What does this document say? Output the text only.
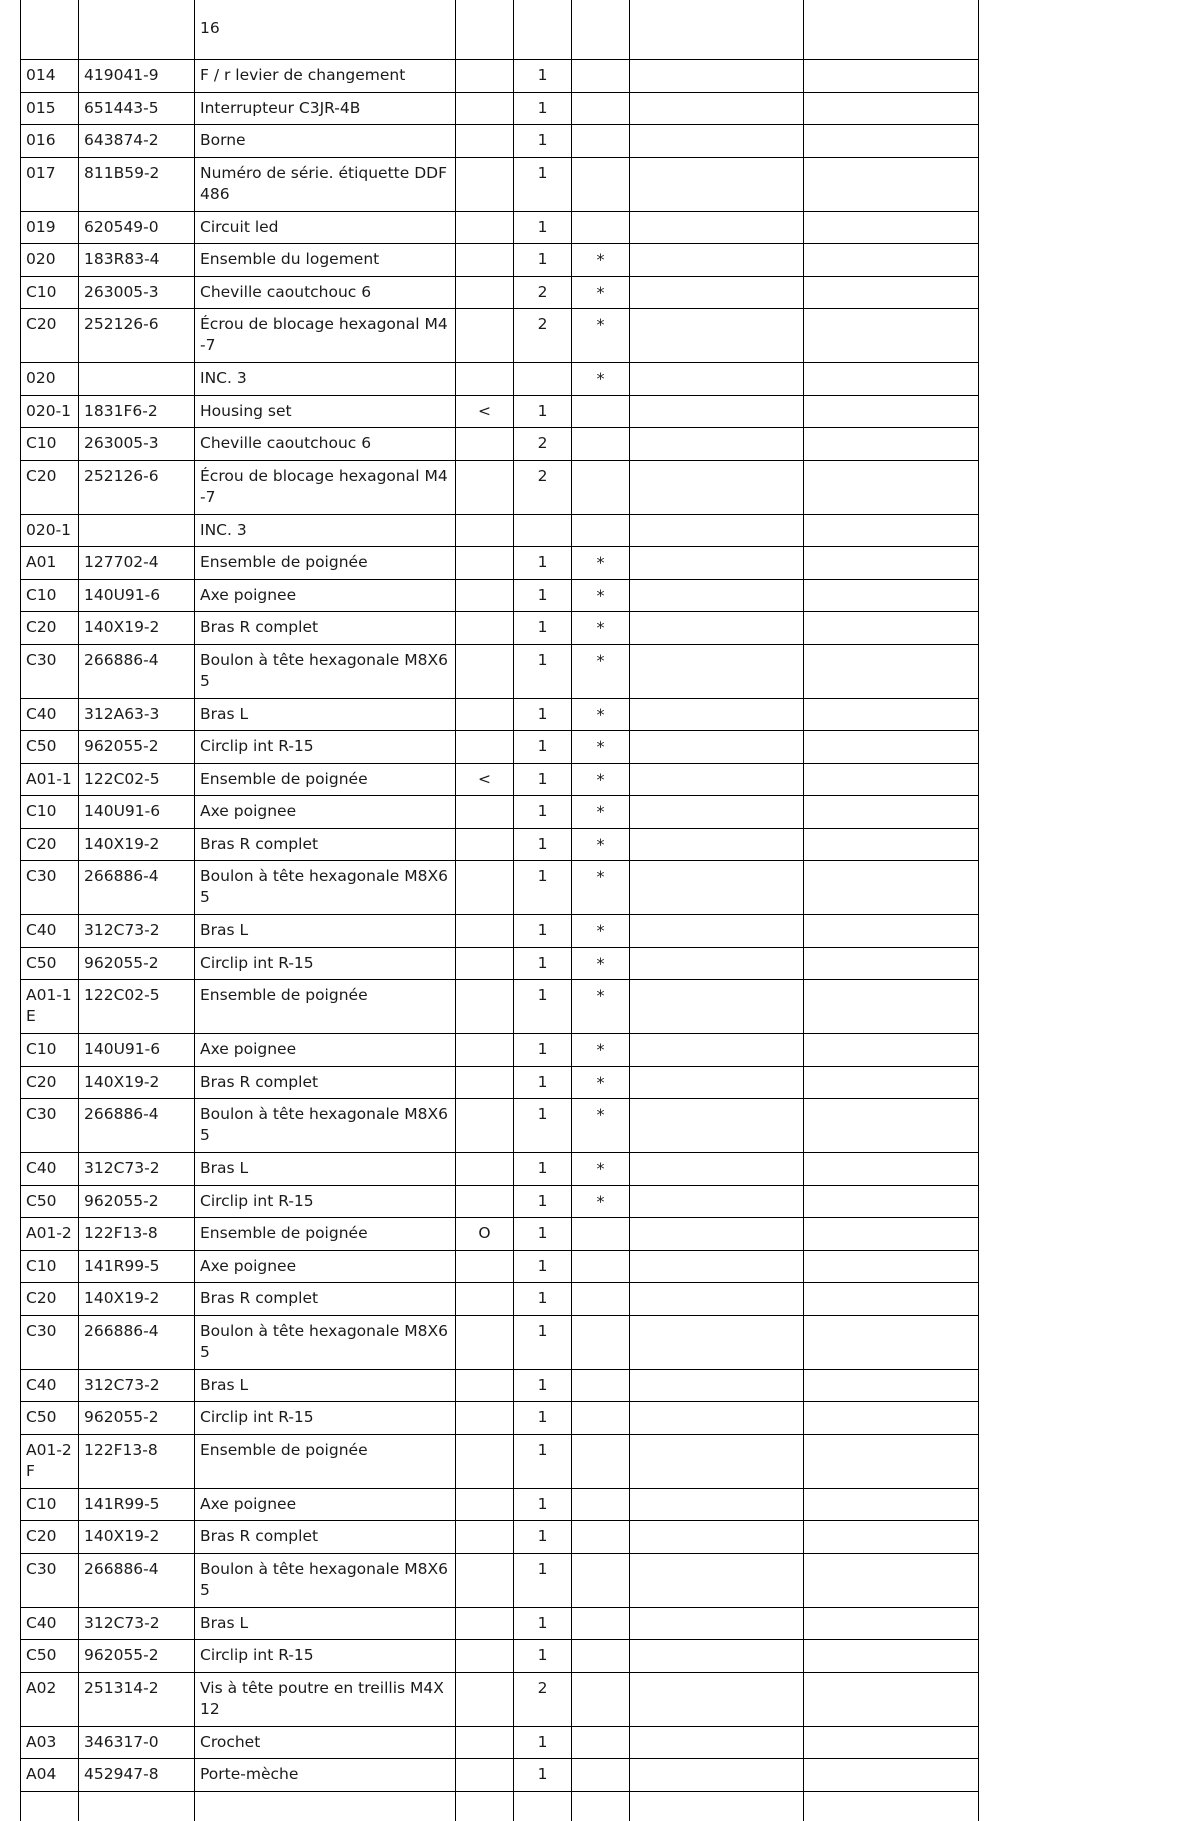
		16					
014	419041-9	F / r levier de changement		1			
015	651443-5	Interrupteur C3JR-4B		1			
016	643874-2	Borne		1			
017	811B59-2	Numéro de série. étiquette DDF486		1			
019	620549-0	Circuit led		1			
020	183R83-4	Ensemble du logement		1	*		
C10	263005-3	Cheville caoutchouc 6		2	*		
C20	252126-6	Écrou de blocage hexagonal M4-7		2	*		
020		INC. 3			*		
020-1	1831F6-2	Housing set	<	1			
C10	263005-3	Cheville caoutchouc 6		2			
C20	252126-6	Écrou de blocage hexagonal M4-7		2			
020-1		INC. 3					
A01	127702-4	Ensemble de poignée		1	*		
C10	140U91-6	Axe poignee		1	*		
C20	140X19-2	Bras R complet		1	*		
C30	266886-4	Boulon à tête hexagonale M8X65		1	*		
C40	312A63-3	Bras L		1	*		
C50	962055-2	Circlip int R-15		1	*		
A01-1	122C02-5	Ensemble de poignée	<	1	*		
C10	140U91-6	Axe poignee		1	*		
C20	140X19-2	Bras R complet		1	*		
C30	266886-4	Boulon à tête hexagonale M8X65		1	*		
C40	312C73-2	Bras L		1	*		
C50	962055-2	Circlip int R-15		1	*		
A01-1E	122C02-5	Ensemble de poignée		1	*		
C10	140U91-6	Axe poignee		1	*		
C20	140X19-2	Bras R complet		1	*		
C30	266886-4	Boulon à tête hexagonale M8X65		1	*		
C40	312C73-2	Bras L		1	*		
C50	962055-2	Circlip int R-15		1	*		
A01-2	122F13-8	Ensemble de poignée	O	1			
C10	141R99-5	Axe poignee		1			
C20	140X19-2	Bras R complet		1			
C30	266886-4	Boulon à tête hexagonale M8X65		1			
C40	312C73-2	Bras L		1			
C50	962055-2	Circlip int R-15		1			
A01-2F	122F13-8	Ensemble de poignée		1			
C10	141R99-5	Axe poignee		1			
C20	140X19-2	Bras R complet		1			
C30	266886-4	Boulon à tête hexagonale M8X65		1			
C40	312C73-2	Bras L		1			
C50	962055-2	Circlip int R-15		1			
A02	251314-2	Vis à tête poutre en treillis M4X12		2			
A03	346317-0	Crochet		1			
A04	452947-8	Porte-mèche		1			
